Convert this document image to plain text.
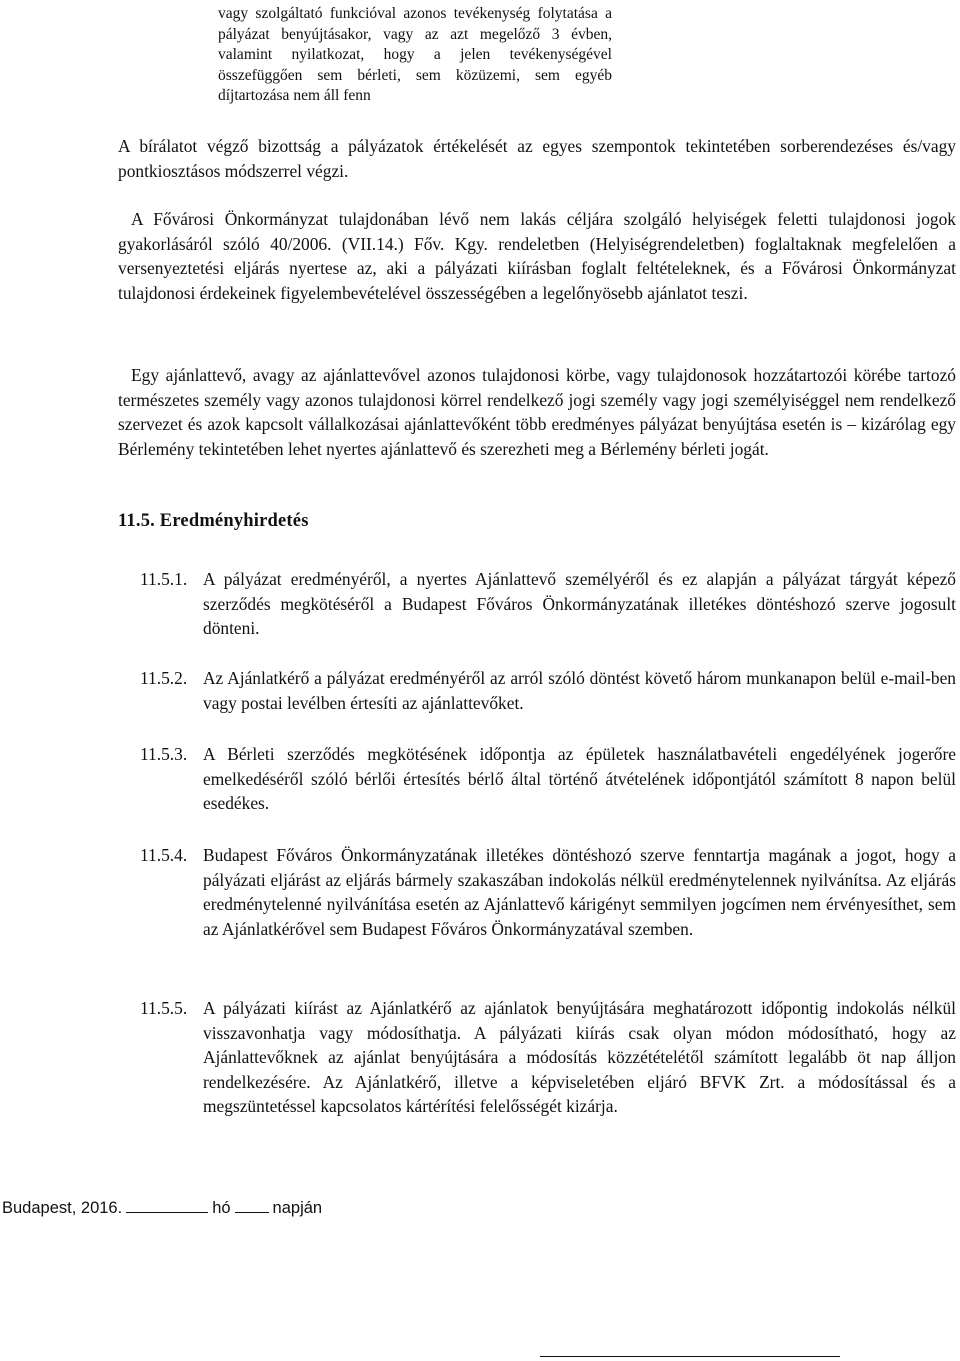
vagy szolgáltató funkcióval azonos tevékenység folytatása a pályázat benyújtásakor, vagy az azt megelőző 3 évben, valamint nyilatkozat, hogy a jelen tevékenységével összefüggően sem bérleti, sem közüzemi, sem egyéb díjtartozása nem áll fenn
A bírálatot végző bizottság a pályázatok értékelését az egyes szempontok tekintetében sorberendezéses és/vagy pontkiosztásos módszerrel végzi.
A Fővárosi Önkormányzat tulajdonában lévő nem lakás céljára szolgáló helyiségek feletti tulajdonosi jogok gyakorlásáról szóló 40/2006. (VII.14.) Főv. Kgy. rendeletben (Helyiségrendeletben) foglaltaknak megfelelően a versenyeztetési eljárás nyertese az, aki a pályázati kiírásban foglalt feltételeknek, és a Fővárosi Önkormányzat tulajdonosi érdekeinek figyelembevételével összességében a legelőnyösebb ajánlatot teszi.
Egy ajánlattevő, avagy az ajánlattevővel azonos tulajdonosi körbe, vagy tulajdonosok hozzátartozói körébe tartozó természetes személy vagy azonos tulajdonosi körrel rendelkező jogi személy vagy jogi személyiséggel nem rendelkező szervezet és azok kapcsolt vállalkozásai ajánlattevőként több eredményes pályázat benyújtása esetén is – kizárólag egy Bérlemény tekintetében lehet nyertes ajánlattevő és szerezheti meg a Bérlemény bérleti jogát.
11.5. Eredményhirdetés
11.5.1. A pályázat eredményéről, a nyertes Ajánlattevő személyéről és ez alapján a pályázat tárgyát képező szerződés megkötéséről a Budapest Főváros Önkormányzatának illetékes döntéshozó szerve jogosult dönteni.
11.5.2. Az Ajánlatkérő a pályázat eredményéről az arról szóló döntést követő három munkanapon belül e-mail-ben vagy postai levélben értesíti az ajánlattevőket.
11.5.3. A Bérleti szerződés megkötésének időpontja az épületek használatbavételi engedélyének jogerőre emelkedéséről szóló bérlői értesítés bérlő által történő átvételének időpontjától számított 8 napon belül esedékes.
11.5.4. Budapest Főváros Önkormányzatának illetékes döntéshozó szerve fenntartja magának a jogot, hogy a pályázati eljárást az eljárás bármely szakaszában indokolás nélkül eredménytelennek nyilvánítsa. Az eljárás eredménytelenné nyilvánítása esetén az Ajánlattevő kárigényt semmilyen jogcímen nem érvényesíthet, sem az Ajánlatkérővel sem Budapest Főváros Önkormányzatával szemben.
11.5.5. A pályázati kiírást az Ajánlatkérő az ajánlatok benyújtására meghatározott időpontig indokolás nélkül visszavonhatja vagy módosíthatja. A pályázati kiírás csak olyan módon módosítható, hogy az Ajánlattevőknek az ajánlat benyújtására a módosítás közzétételétől számított legalább öt nap álljon rendelkezésére. Az Ajánlatkérő, illetve a képviseletében eljáró BFVK Zrt. a módosítással és a megszüntetéssel kapcsolatos kártérítési felelősségét kizárja.
Budapest, 2016.	hó	napján
